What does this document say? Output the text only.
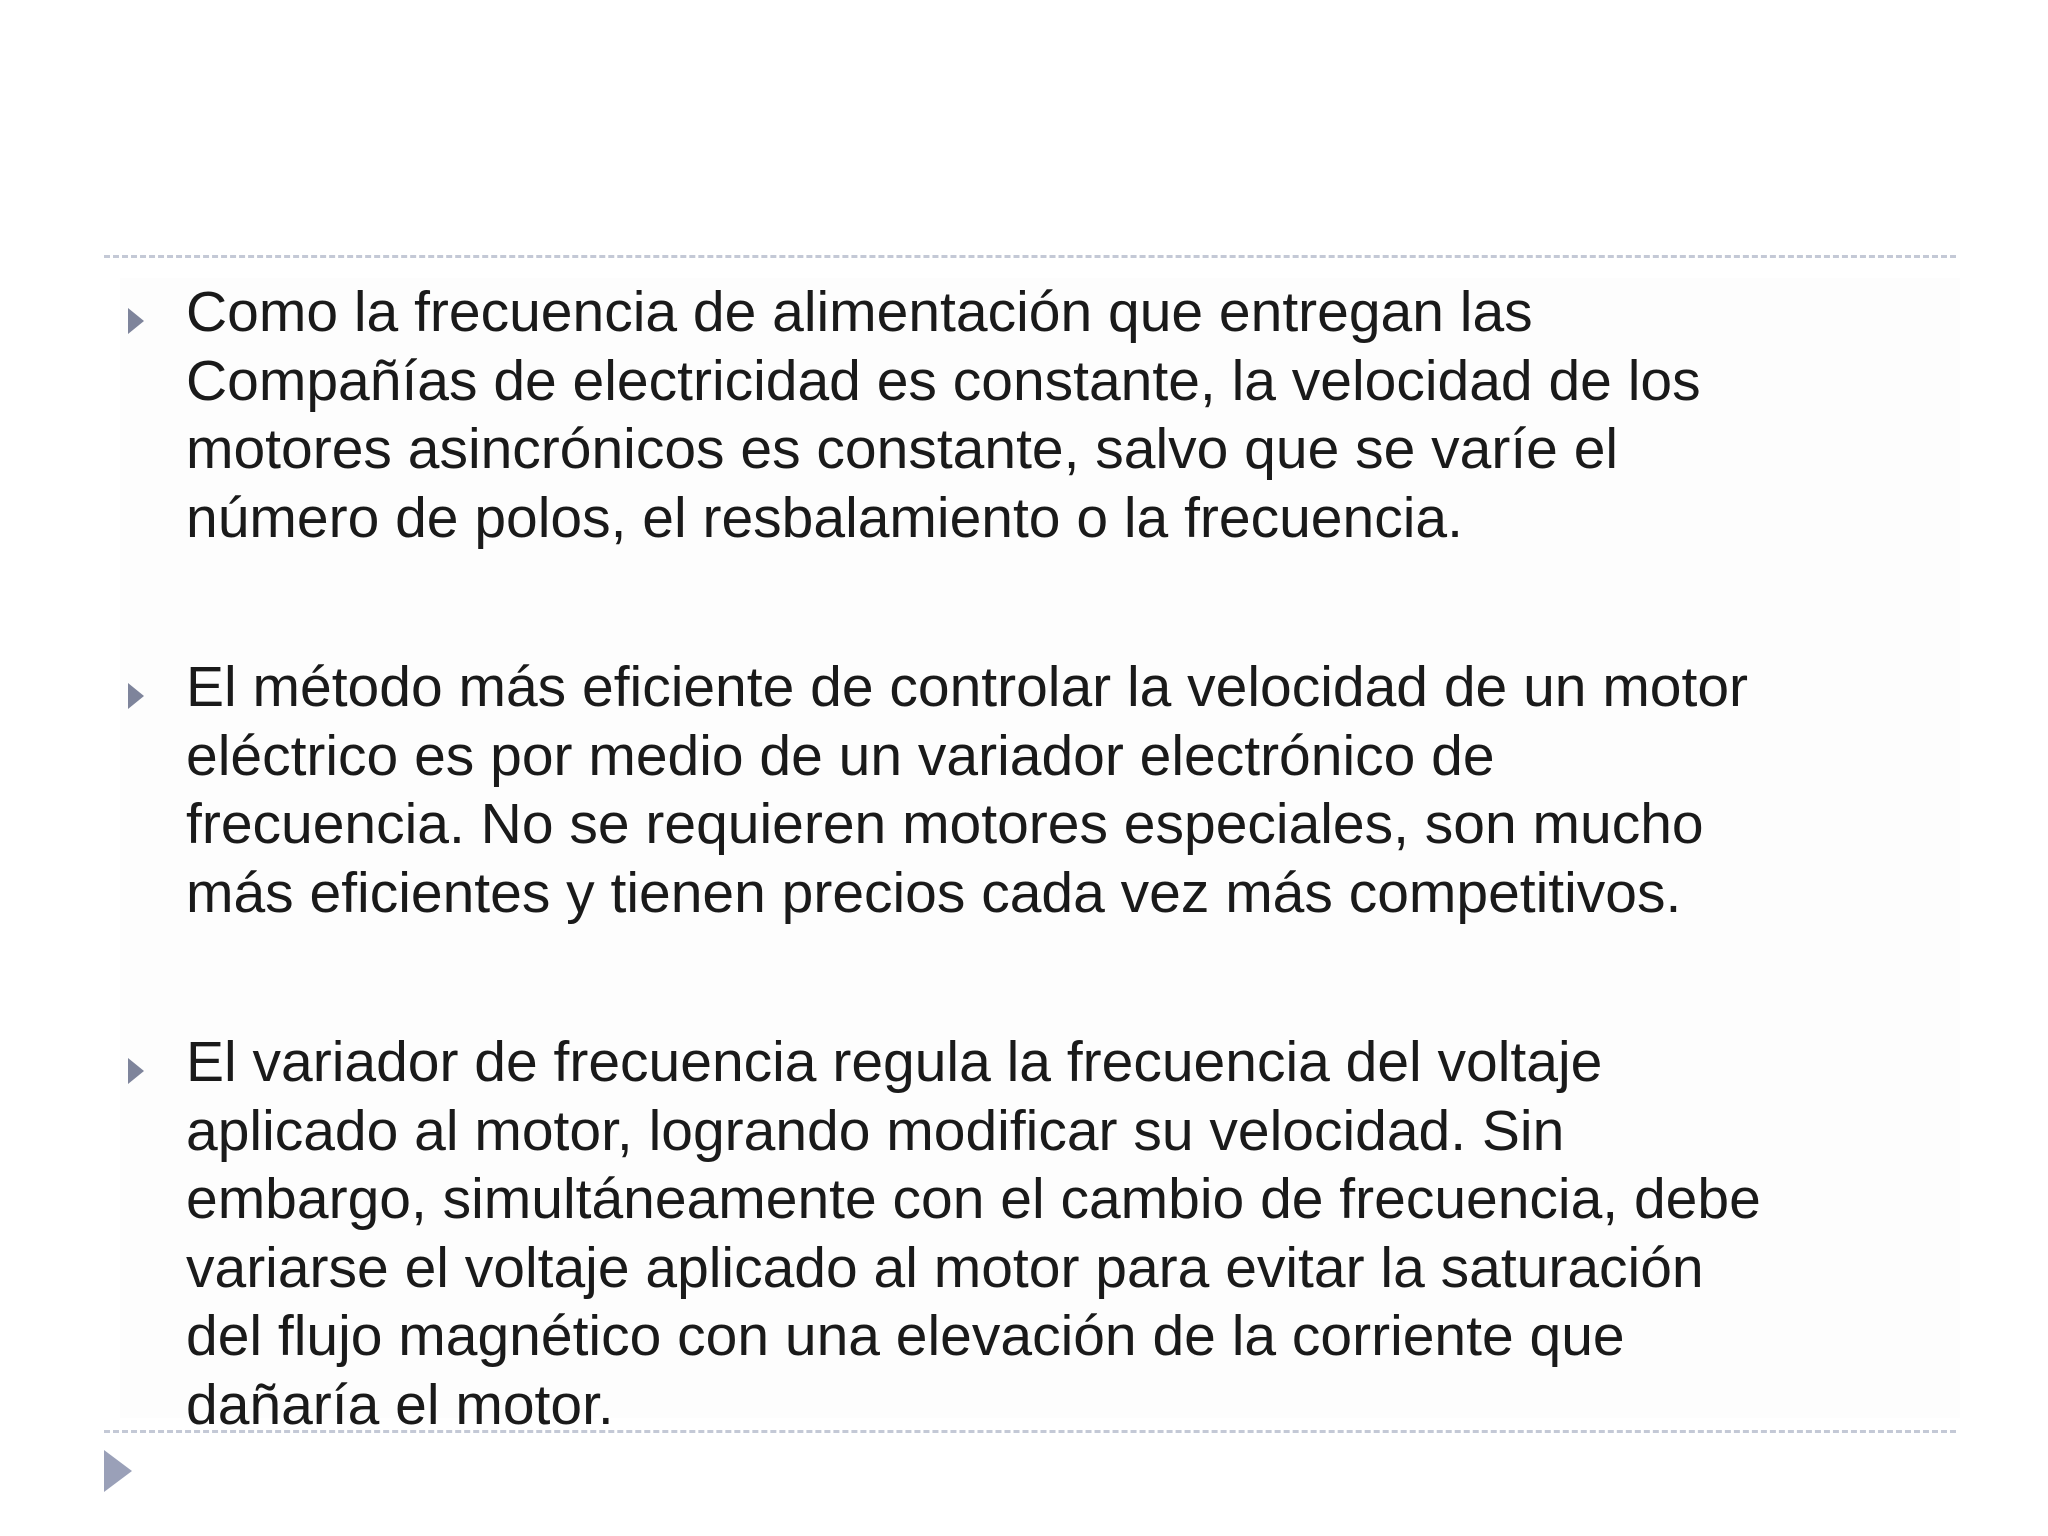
Como la frecuencia de alimentación que entregan las
Compañías de electricidad es constante, la velocidad de los
motores asincrónicos es constante, salvo que se varíe el
número de polos, el resbalamiento o la frecuencia.
El método más eficiente de controlar la velocidad de un motor
eléctrico es por medio de un variador electrónico de
frecuencia. No se requieren motores especiales, son mucho
más eficientes y tienen precios cada vez más competitivos.
El variador de frecuencia regula la frecuencia del voltaje
aplicado al motor, logrando modificar su velocidad. Sin
embargo, simultáneamente con el cambio de frecuencia, debe
variarse el voltaje aplicado al motor para evitar la saturación
del flujo magnético con una elevación de la corriente que
dañaría el motor.
